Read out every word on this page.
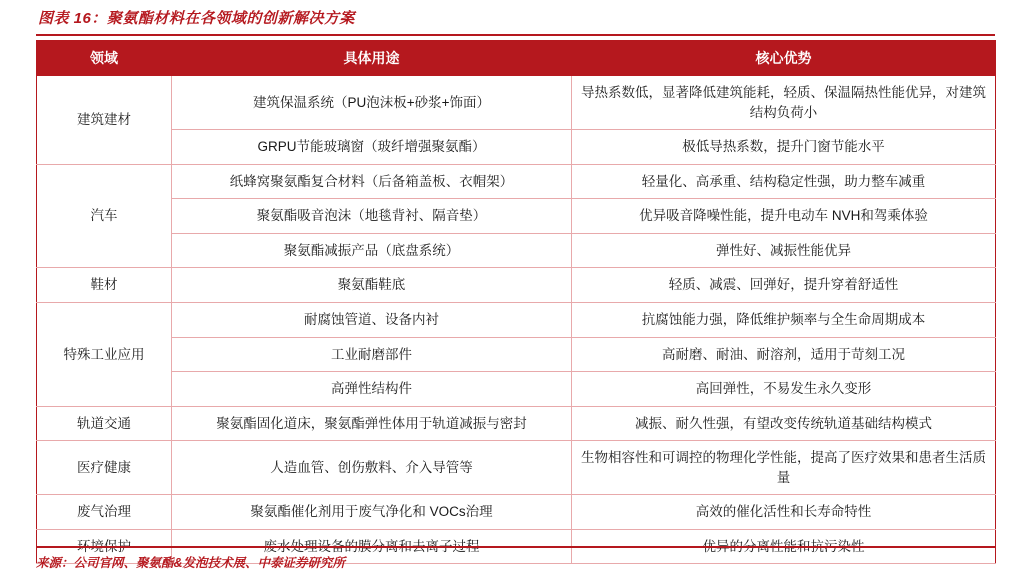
图表 16：聚氨酯材料在各领域的创新解决方案
领域	具体用途	核心优势
建筑建材	建筑保温系统（PU泡沫板+砂浆+饰面）	导热系数低，显著降低建筑能耗，轻质、保温隔热性能优异，对建筑结构负荷小
	GRPU节能玻璃窗（玻纤增强聚氨酯）	极低导热系数，提升门窗节能水平
汽车	纸蜂窝聚氨酯复合材料（后备箱盖板、衣帽架）	轻量化、高承重、结构稳定性强，助力整车减重
	聚氨酯吸音泡沫（地毯背衬、隔音垫）	优异吸音降噪性能，提升电动车 NVH和驾乘体验
	聚氨酯减振产品（底盘系统）	弹性好、减振性能优异
鞋材	聚氨酯鞋底	轻质、减震、回弹好，提升穿着舒适性
特殊工业应用	耐腐蚀管道、设备内衬	抗腐蚀能力强，降低维护频率与全生命周期成本
	工业耐磨部件	高耐磨、耐油、耐溶剂，适用于苛刻工况
	高弹性结构件	高回弹性，不易发生永久变形
轨道交通	聚氨酯固化道床，聚氨酯弹性体用于轨道减振与密封	减振、耐久性强，有望改变传统轨道基础结构模式
医疗健康	人造血管、创伤敷料、介入导管等	生物相容性和可调控的物理化学性能，提高了医疗效果和患者生活质量
废气治理	聚氨酯催化剂用于废气净化和 VOCs治理	高效的催化活性和长寿命特性
环境保护	废水处理设备的膜分离和去离子过程	优异的分离性能和抗污染性
来源：公司官网、聚氨酯&发泡技术展、中泰证券研究所
